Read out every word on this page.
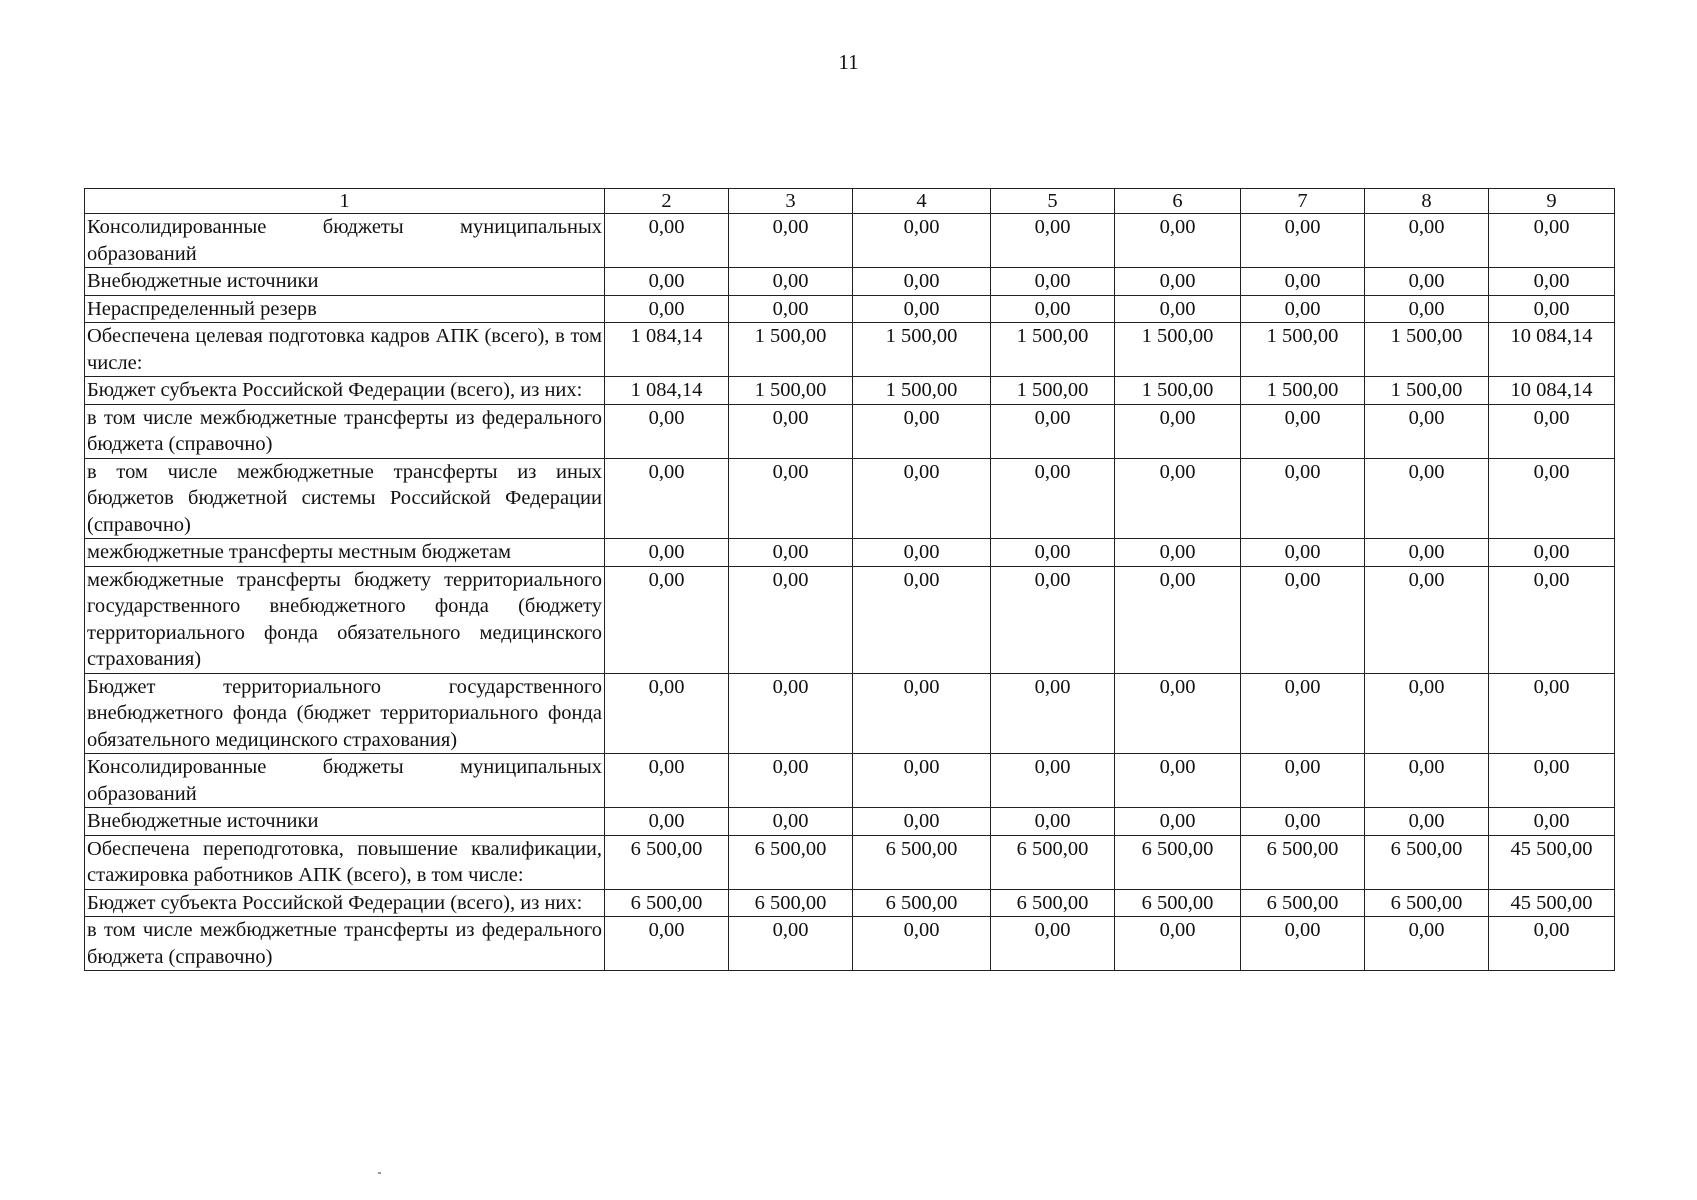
11
1	2	3	4	5	6	7	8	9
Консолидированные бюджеты муниципальных образований	0,00	0,00	0,00	0,00	0,00	0,00	0,00	0,00
Внебюджетные источники	0,00	0,00	0,00	0,00	0,00	0,00	0,00	0,00
Нераспределенный резерв	0,00	0,00	0,00	0,00	0,00	0,00	0,00	0,00
Обеспечена целевая подготовка кадров АПК (всего), в том числе:	1 084,14	1 500,00	1 500,00	1 500,00	1 500,00	1 500,00	1 500,00	10 084,14
Бюджет субъекта Российской Федерации (всего), из них:	1 084,14	1 500,00	1 500,00	1 500,00	1 500,00	1 500,00	1 500,00	10 084,14
в том числе межбюджетные трансферты из федерального бюджета (справочно)	0,00	0,00	0,00	0,00	0,00	0,00	0,00	0,00
в том числе межбюджетные трансферты из иных бюджетов бюджетной системы Российской Федерации (справочно)	0,00	0,00	0,00	0,00	0,00	0,00	0,00	0,00
межбюджетные трансферты местным бюджетам	0,00	0,00	0,00	0,00	0,00	0,00	0,00	0,00
межбюджетные трансферты бюджету территориального государственного внебюджетного фонда (бюджету территориального фонда обязательного медицинского страхования)	0,00	0,00	0,00	0,00	0,00	0,00	0,00	0,00
Бюджет территориального государственного внебюджетного фонда (бюджет территориального фонда обязательного медицинского страхования)	0,00	0,00	0,00	0,00	0,00	0,00	0,00	0,00
Консолидированные бюджеты муниципальных образований	0,00	0,00	0,00	0,00	0,00	0,00	0,00	0,00
Внебюджетные источники	0,00	0,00	0,00	0,00	0,00	0,00	0,00	0,00
Обеспечена переподготовка, повышение квалификации, стажировка работников АПК (всего), в том числе:	6 500,00	6 500,00	6 500,00	6 500,00	6 500,00	6 500,00	6 500,00	45 500,00
Бюджет субъекта Российской Федерации (всего), из них:	6 500,00	6 500,00	6 500,00	6 500,00	6 500,00	6 500,00	6 500,00	45 500,00
в том числе межбюджетные трансферты из федерального бюджета (справочно)	0,00	0,00	0,00	0,00	0,00	0,00	0,00	0,00
